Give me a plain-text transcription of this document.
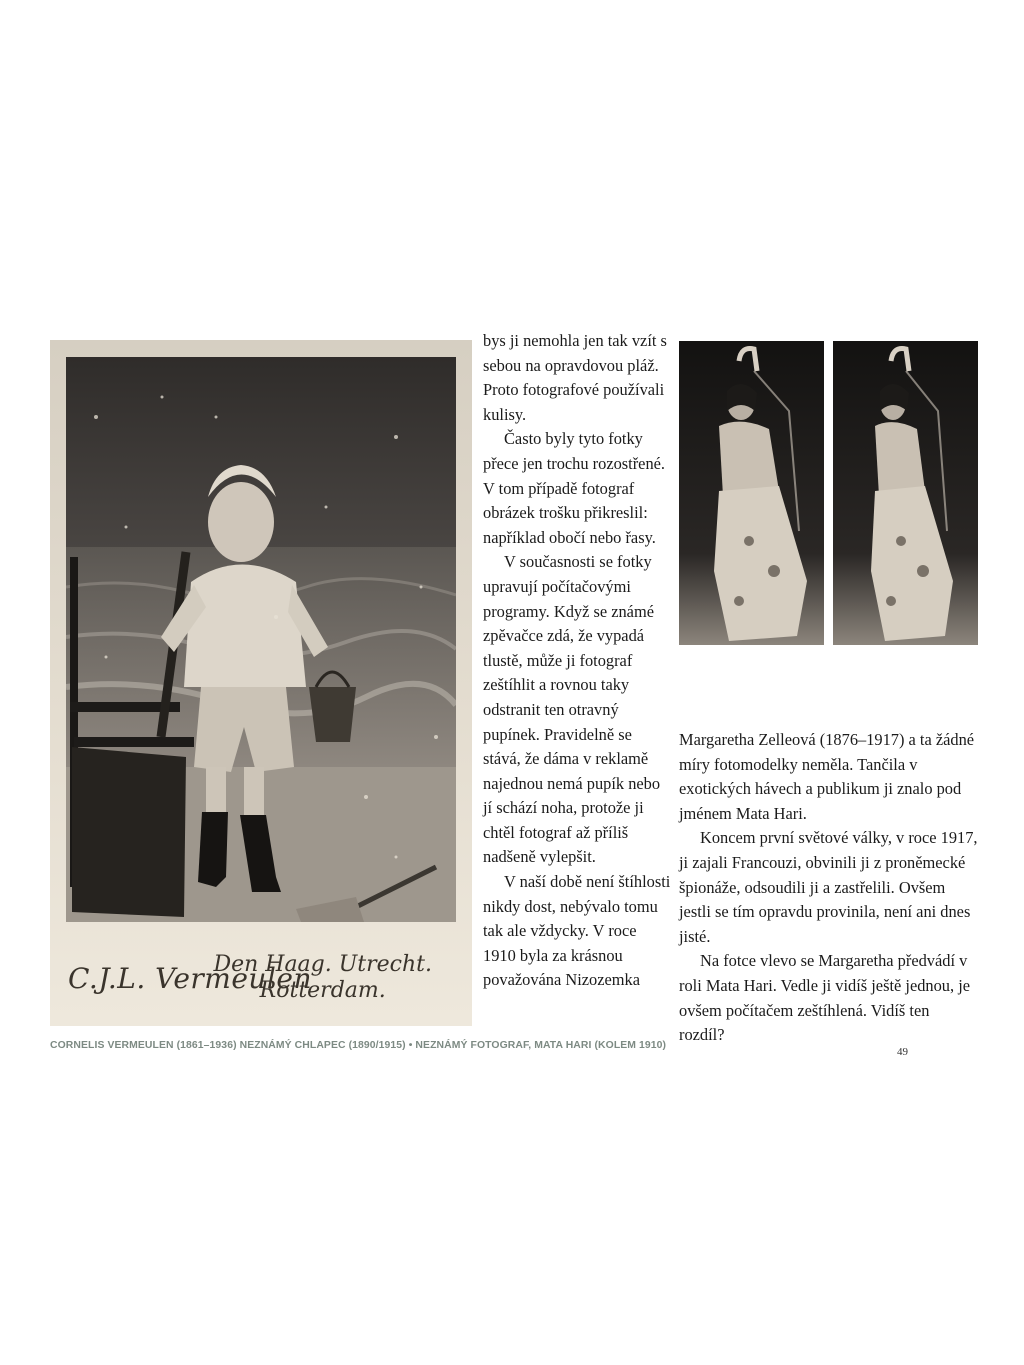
C.J.L. Vermeulen
Den Haag. Utrecht.
Rotterdam.

bys ji nemohla jen tak vzít s sebou na opravdovou pláž. Proto fotografové používali kulisy.

Často byly tyto fotky přece jen trochu rozostřené. V tom případě fotograf obrázek trošku přikreslil: například obočí nebo řasy.

V současnosti se fotky upravují počítačovými programy. Když se známé zpěvačce zdá, že vypadá tlustě, může ji fotograf zeštíhlit a rovnou taky odstranit ten otravný pupínek. Pravidelně se stává, že dáma v reklamě najednou nemá pupík nebo jí schází noha, protože ji chtěl fotograf až příliš nadšeně vylepšit.

V naší době není štíhlosti nikdy dost, nebývalo tomu tak ale vždycky. V roce 1910 byla za krásnou považována Nizozemka

Margaretha Zelleová (1876–1917) a ta žádné míry fotomodelky neměla. Tančila v exotických hávech a publikum ji znalo pod jménem Mata Hari.

Koncem první světové války, v roce 1917, ji zajali Francouzi, obvinili ji z proněmecké špionáže, odsoudili ji a zastřelili. Ovšem jestli se tím opravdu provinila, není ani dnes jisté.

Na fotce vlevo se Margaretha předvádí v roli Mata Hari. Vedle ji vidíš ještě jednou, je ovšem počítačem zeštíhlená. Vidíš ten rozdíl?

CORNELIS VERMEULEN (1861–1936) NEZNÁMÝ CHLAPEC (1890/1915) • NEZNÁMÝ FOTOGRAF, MATA HARI (KOLEM 1910)
49
